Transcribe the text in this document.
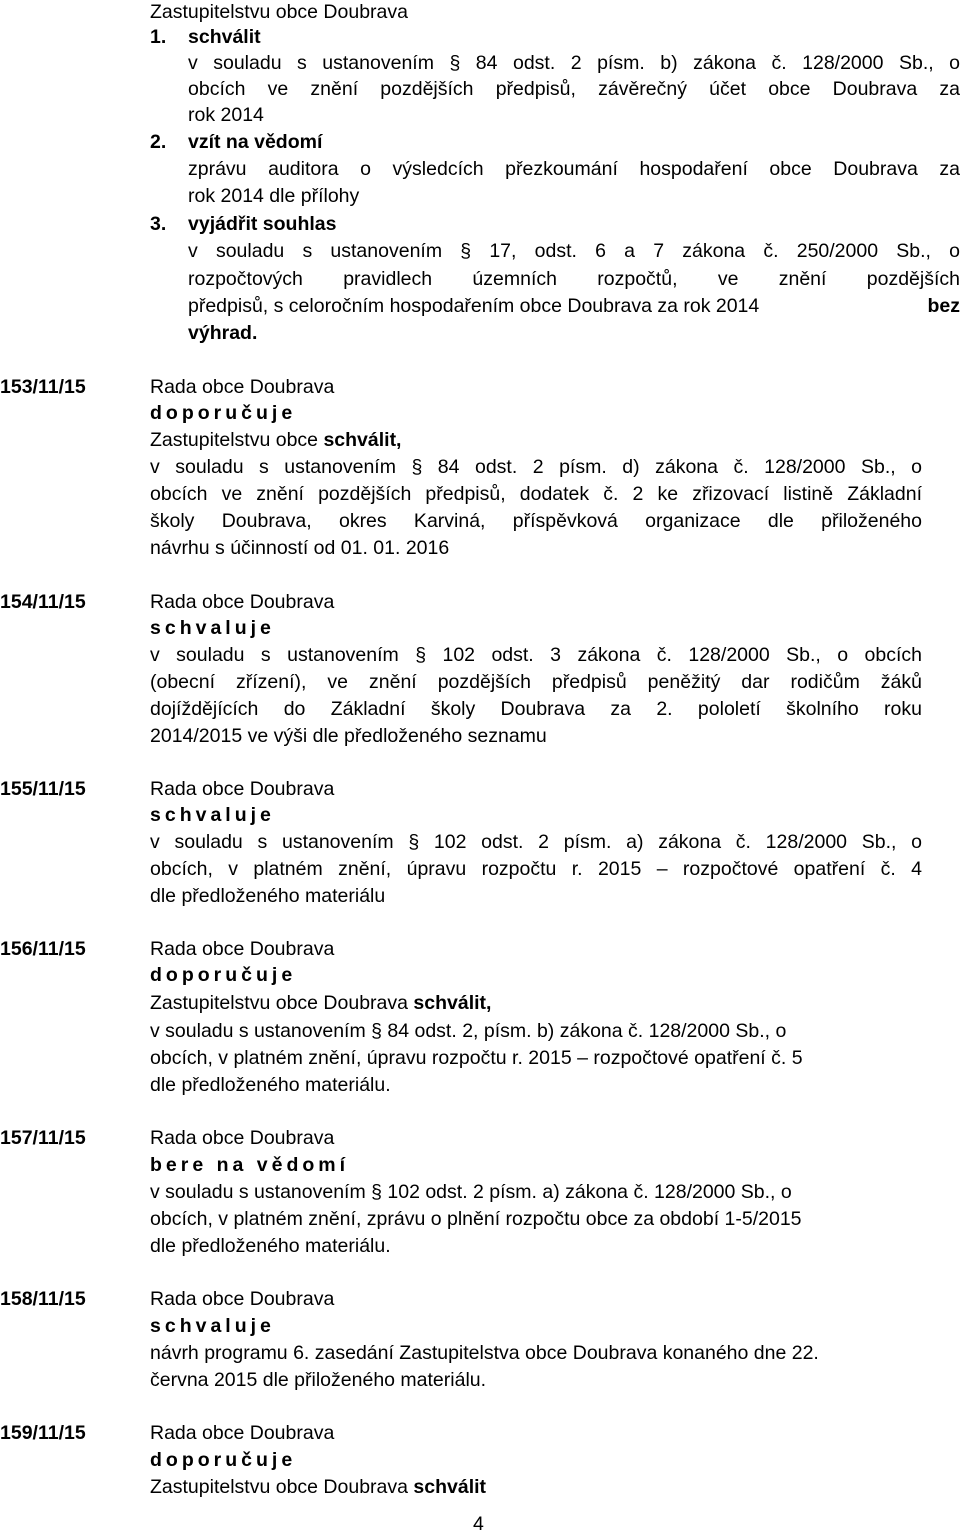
Zastupitelstvu obce Doubrava
1. schválit
v souladu s ustanovením § 84 odst. 2 písm. b) zákona č. 128/2000 Sb., o
obcích ve znění pozdějších předpisů, závěrečný účet obce Doubrava za
rok 2014
2. vzít na vědomí
zprávu auditora o výsledcích přezkoumání hospodaření obce Doubrava za
rok 2014 dle přílohy
3. vyjádřit souhlas
v souladu s ustanovením § 17, odst. 6 a 7 zákona č. 250/2000 Sb., o
rozpočtových pravidlech územních rozpočtů, ve znění pozdějších
předpisů, s celoročním hospodařením obce Doubrava za rok 2014	bez
výhrad.
153/11/15	Rada obce Doubrava
doporučuje
Zastupitelstvu obce schválit,
v souladu s ustanovením § 84 odst. 2 písm. d) zákona č. 128/2000 Sb., o
obcích ve znění pozdějších předpisů, dodatek č. 2 ke zřizovací listině Základní
školy Doubrava, okres Karviná, příspěvková organizace dle přiloženého
návrhu s účinností od 01. 01. 2016
154/11/15	Rada obce Doubrava
schvaluje
v souladu s ustanovením § 102 odst. 3 zákona č. 128/2000 Sb., o obcích
(obecní zřízení), ve znění pozdějších předpisů peněžitý dar rodičům žáků
dojíždějících do Základní školy Doubrava za 2. pololetí školního roku
2014/2015 ve výši dle předloženého seznamu
155/11/15	Rada obce Doubrava
schvaluje
v souladu s ustanovením § 102 odst. 2 písm. a) zákona č. 128/2000 Sb., o
obcích, v platném znění, úpravu rozpočtu r. 2015 – rozpočtové opatření č. 4
dle předloženého materiálu
156/11/15	Rada obce Doubrava
doporučuje
Zastupitelstvu obce Doubrava schválit,
v souladu s ustanovením § 84 odst. 2, písm. b) zákona č. 128/2000 Sb., o
obcích, v platném znění, úpravu rozpočtu r. 2015 – rozpočtové opatření č. 5
dle předloženého materiálu.
157/11/15	Rada obce Doubrava
bere na vědomí
v souladu s ustanovením § 102 odst. 2 písm. a) zákona č. 128/2000 Sb., o
obcích, v platném znění, zprávu o plnění rozpočtu obce za období 1-5/2015
dle předloženého materiálu.
158/11/15	Rada obce Doubrava
schvaluje
návrh programu 6. zasedání Zastupitelstva obce Doubrava konaného dne 22.
června 2015 dle přiloženého materiálu.
159/11/15	Rada obce Doubrava
doporučuje
Zastupitelstvu obce Doubrava schválit
4
